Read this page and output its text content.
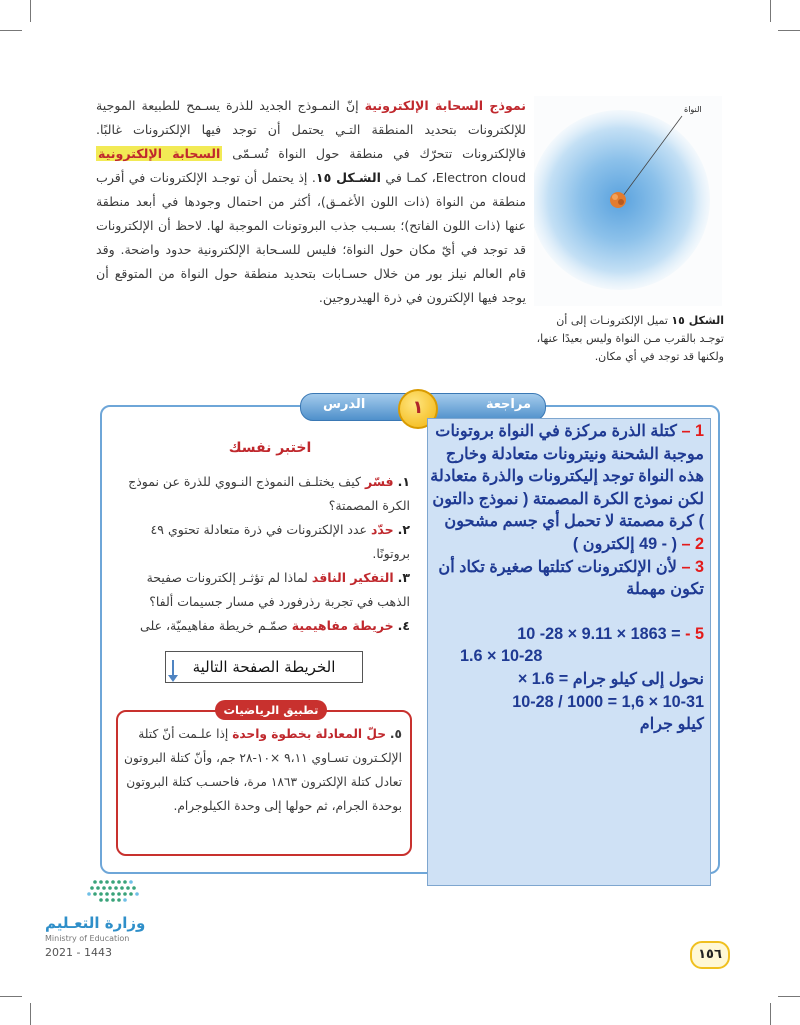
نموذج السحابة الإلكترونية إنّ النمـوذج الجديد للذرة يسـمح للطبيعة الموجية للإلكترونات بتحديد المنطقة التـي يحتمل أن توجد فيها الإلكترونات غالبًا. فالإلكترونات تتحرّك في منطقة حول النواة تُسـمّى السحابة الإلكترونية Electron cloud، كمـا في الشـكل ١٥. إذ يحتمل أن توجـد الإلكترونات في أقرب منطقة من النواة (ذات اللون الأغمـق)، أكثر من احتمال وجودها في أبعد منطقة عنها (ذات اللون الفاتح)؛ بسـبب جذب البروتونات الموجبة لها. لاحظ أن الإلكترونات قد توجد في أيّ مكان حول النواة؛ فليس للسـحابة الإلكترونية حدود واضحة. وقد قام العالم نيلز بور من خلال حسـابات بتحديد منطقة حول النواة من المتوقع أن يوجد فيها الإلكترون في ذرة الهيدروجين.

النواة
الشكل ١٥ تميل الإلكترونـات إلى أن توجـد بالقرب مـن النواة وليس بعيدًا عنها، ولكنها قد توجد في أي مكان.
مراجعة
الدرس	١
اختبر نفسك

١. فسّر كيف يختلـف النموذج النـووي للذرة عن نموذج الكرة المصمتة؟

٢. حدّد عدد الإلكترونات في ذرة متعادلة تحتوي ٤٩ بروتونًا.

٣. التفكير الناقد لماذا لم تؤثـر إلكترونات صفيحة الذهب في تجربة رذرفورد في مسار جسيمات ألفا؟

٤. خريطة مفاهيمية صمّـم خريطة مفاهيميّة، على

الخريطة الصفحة التالية
تطبيق الرياضيات

٥. حلّ المعادلة بخطوة واحدة إذا علـمت أنّ كتلة الإلكـترون تسـاوي ٩،١١ ×١٠-٢٨ جم، وأنّ كتلة البروتون تعادل كتلة الإلكترون ١٨٦٣ مرة، فاحسـب كتلة البروتون بوحدة الجرام، ثم حولها إلى وحدة الكيلوجرام.

1 – كتلة الذرة مركزة في النواة بروتونات موجبة الشحنة ونيترونات متعادلة وخارج هذه النواة توجد إليكترونات والذرة متعادلة لكن نموذج الكرة المصمتة ( نموذج دالتون ) كرة مصمتة لا تحمل أي جسم مشحون

2 – ( - 49 إلكترون )

3 – لأن الإلكترونات كتلتها صغيرة تكاد أن تكون مهملة

5 - 10 -28 × 9.11 × 1863 =

1.6 × 10-28

نحول إلى كيلو جرام = 1.6 ×

10-28 / 1000 = 1,6 × 10-31

كيلو جرام

وزارة التعـليم
Ministry of Education
2021 - 1443	١٥٦
